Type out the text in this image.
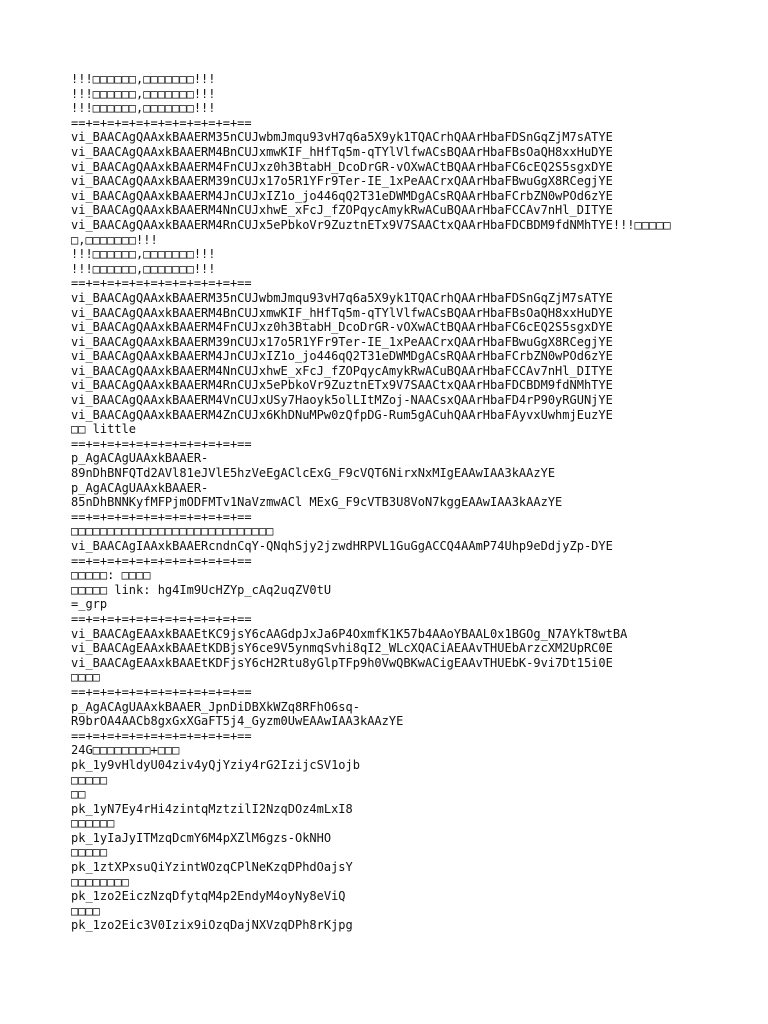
!!!□□□□□□,□□□□□□□!!!
!!!□□□□□□,□□□□□□□!!!
!!!□□□□□□,□□□□□□□!!!
==+=+=+=+=+=+=+=+=+=+=+==
vi_BAACAgQAAxkBAAERM35nCUJwbmJmqu93vH7q6a5X9yk1TQACrhQAArHbaFDSnGqZjM7sATYE
vi_BAACAgQAAxkBAAERM4BnCUJxmwKIF_hHfTq5m-qTYlVlfwACsBQAArHbaFBsOaQH8xxHuDYE
vi_BAACAgQAAxkBAAERM4FnCUJxz0h3BtabH_DcoDrGR-vOXwACtBQAArHbaFC6cEQ2S5sgxDYE
vi_BAACAgQAAxkBAAERM39nCUJx17o5R1YFr9Ter-IE_1xPeAACrxQAArHbaFBwuGgX8RCegjYE
vi_BAACAgQAAxkBAAERM4JnCUJxIZ1o_jo446qQ2T31eDWMDgACsRQAArHbaFCrbZN0wPOd6zYE
vi_BAACAgQAAxkBAAERM4NnCUJxhwE_xFcJ_fZOPqycAmykRwACuBQAArHbaFCCAv7nHl_DITYE
vi_BAACAgQAAxkBAAERM4RnCUJx5ePbkoVr9ZuztnETx9V7SAACtxQAArHbaFDCBDM9fdNMhTYE!!!□□□□□
□,□□□□□□□!!!
!!!□□□□□□,□□□□□□□!!!
!!!□□□□□□,□□□□□□□!!!
==+=+=+=+=+=+=+=+=+=+=+==
vi_BAACAgQAAxkBAAERM35nCUJwbmJmqu93vH7q6a5X9yk1TQACrhQAArHbaFDSnGqZjM7sATYE
vi_BAACAgQAAxkBAAERM4BnCUJxmwKIF_hHfTq5m-qTYlVlfwACsBQAArHbaFBsOaQH8xxHuDYE
vi_BAACAgQAAxkBAAERM4FnCUJxz0h3BtabH_DcoDrGR-vOXwACtBQAArHbaFC6cEQ2S5sgxDYE
vi_BAACAgQAAxkBAAERM39nCUJx17o5R1YFr9Ter-IE_1xPeAACrxQAArHbaFBwuGgX8RCegjYE
vi_BAACAgQAAxkBAAERM4JnCUJxIZ1o_jo446qQ2T31eDWMDgACsRQAArHbaFCrbZN0wPOd6zYE
vi_BAACAgQAAxkBAAERM4NnCUJxhwE_xFcJ_fZOPqycAmykRwACuBQAArHbaFCCAv7nHl_DITYE
vi_BAACAgQAAxkBAAERM4RnCUJx5ePbkoVr9ZuztnETx9V7SAACtxQAArHbaFDCBDM9fdNMhTYE
vi_BAACAgQAAxkBAAERM4VnCUJxUSy7Haoyk5olLItMZoj-NAACsxQAArHbaFD4rP90yRGUNjYE
vi_BAACAgQAAxkBAAERM4ZnCUJx6KhDNuMPw0zQfpDG-Rum5gACuhQAArHbaFAyvxUwhmjEuzYE
□□ little
==+=+=+=+=+=+=+=+=+=+=+==
p_AgACAgUAAxkBAAER-
89nDhBNFQTd2AVl81eJVlE5hzVeEgAClcExG_F9cVQT6NirxNxMIgEAAwIAA3kAAzYE
p_AgACAgUAAxkBAAER-
85nDhBNNKyfMFPjmODFMTv1NaVzmwACl MExG_F9cVTB3U8VoN7kggEAAwIAA3kAAzYE
==+=+=+=+=+=+=+=+=+=+=+==
□□□□□□□□□□□□□□□□□□□□□□□□□□□□
vi_BAACAgIAAxkBAAERcndnCqY-QNqhSjy2jzwdHRPVL1GuGgACCQ4AAmP74Uhp9eDdjyZp-DYE
==+=+=+=+=+=+=+=+=+=+=+==
□□□□□: □□□□
□□□□□ link: hg4Im9UcHZYp_cAq2uqZV0tU
=_grp
==+=+=+=+=+=+=+=+=+=+=+==
vi_BAACAgEAAxkBAAEtKC9jsY6cAAGdpJxJa6P4OxmfK1K57b4AAoYBAAL0x1BGOg_N7AYkT8wtBA
vi_BAACAgEAAxkBAAEtKDBjsY6ce9V5ynmqSvhi8qI2_WLcXQACiAEAAvTHUEbArzcXM2UpRC0E
vi_BAACAgEAAxkBAAEtKDFjsY6cH2Rtu8yGlpTFp9h0VwQBKwACigEAAvTHUEbK-9vi7Dt15i0E
□□□□
==+=+=+=+=+=+=+=+=+=+=+==
p_AgACAgUAAxkBAAER_JpnDiDBXkWZq8RFhO6sq-
R9brOA4AACb8gxGxXGaFT5j4_Gyzm0UwEAAwIAA3kAAzYE
==+=+=+=+=+=+=+=+=+=+=+==
24G□□□□□□□□+□□□
pk_1y9vHldyU04ziv4yQjYziy4rG2IzijcSV1ojb
□□□□□
□□
pk_1yN7Ey4rHi4zintqMztzilI2NzqDOz4mLxI8
□□□□□□
pk_1yIaJyITMzqDcmY6M4pXZlM6gzs-OkNHO
□□□□□
pk_1ztXPxsuQiYzintWOzqCPlNeKzqDPhdOajsY
□□□□□□□□
pk_1zo2EiczNzqDfytqM4p2EndyM4oyNy8eViQ
□□□□
pk_1zo2Eic3V0Izix9iOzqDajNXVzqDPh8rKjpg
